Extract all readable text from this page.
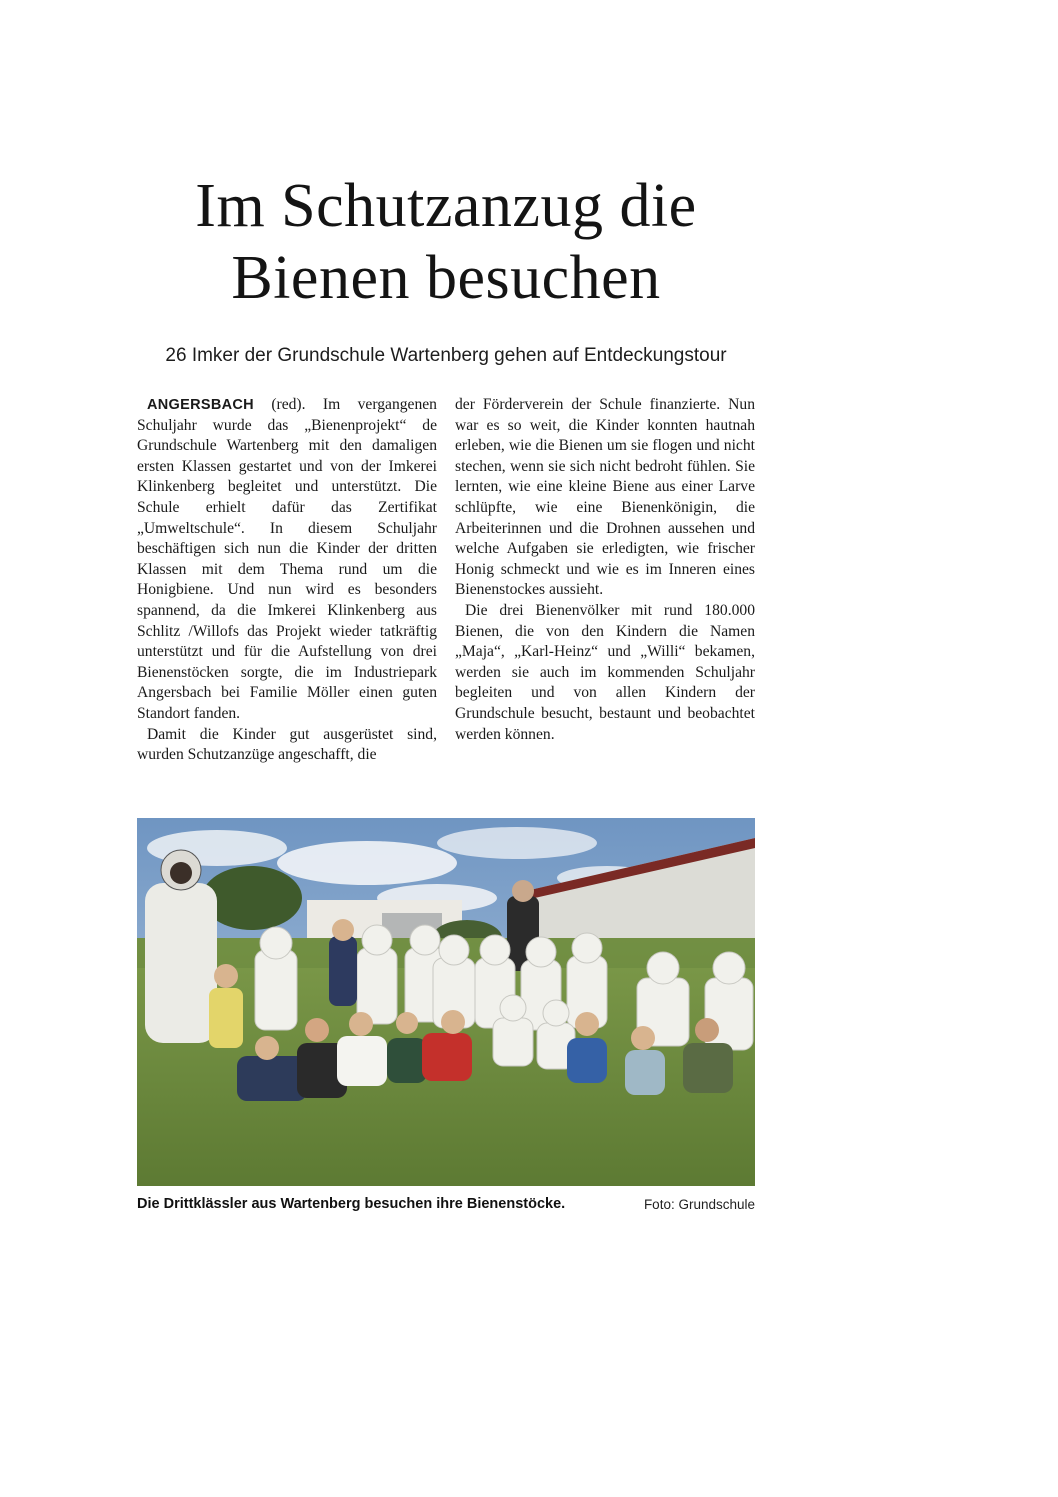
Im Schutzanzug die
Bienen besuchen
26 Imker der Grundschule Wartenberg gehen auf Entdeckungstour

ANGERSBACH (red). Im vergangenen Schuljahr wurde das „Bienenprojekt“ de Grundschule Wartenberg mit den damaligen ersten Klassen gestartet und von der Imkerei Klinkenberg begleitet und unterstützt. Die Schule erhielt dafür das Zertifikat „Umweltschule“. In diesem Schuljahr beschäftigen sich nun die Kinder der dritten Klassen mit dem Thema rund um die Honigbiene. Und nun wird es besonders spannend, da die Imkerei Klinkenberg aus Schlitz /Willofs das Projekt wieder tatkräftig unterstützt und für die Aufstellung von drei Bienenstöcken sorgte, die im Industriepark Angersbach bei Familie Möller einen guten Standort fanden.

Damit die Kinder gut ausgerüstet sind, wurden Schutzanzüge angeschafft, die

der Förderverein der Schule finanzierte. Nun war es so weit, die Kinder konnten hautnah erleben, wie die Bienen um sie flogen und nicht stechen, wenn sie sich nicht bedroht fühlen. Sie lernten, wie eine kleine Biene aus einer Larve schlüpfte, wie eine Bienenkönigin, die Arbeiterinnen und die Drohnen aussehen und welche Aufgaben sie erledigten, wie frischer Honig schmeckt und wie es im Inneren eines Bienenstockes aussieht.

Die drei Bienenvölker mit rund 180.000 Bienen, die von den Kindern die Namen „Maja“, „Karl-Heinz“ und „Willi“ bekamen, werden sie auch im kommenden Schuljahr begleiten und von allen Kindern der Grundschule besucht, bestaunt und beobachtet werden können.

Die Drittklässler aus Wartenberg besuchen ihre Bienenstöcke.	Foto: Grundschule
